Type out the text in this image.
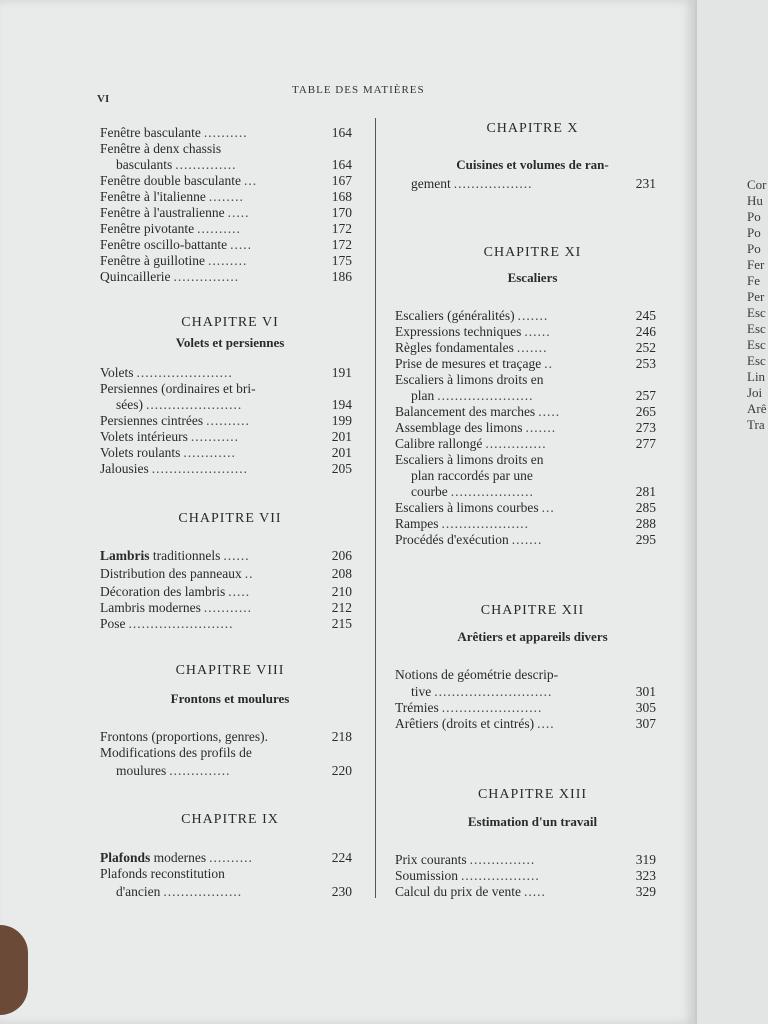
VI
TABLE DES MATIÈRES
Fenêtre basculante ..........	164
Fenêtre à denx chassis
basculants ..............	164
Fenêtre double basculante ...	167
Fenêtre à l'italienne ........	168
Fenêtre à l'australienne .....	170
Fenêtre pivotante ..........	172
Fenêtre oscillo-battante .....	172
Fenêtre à guillotine .........	175
Quincaillerie ...............	186
CHAPITRE VI
Volets et persiennes
Volets ......................	191
Persiennes (ordinaires et bri-
sées) ......................	194
Persiennes cintrées ..........	199
Volets intérieurs ...........	201
Volets roulants ............	201
Jalousies ......................	205
CHAPITRE VII
Lambris traditionnels ......	206
Distribution des panneaux ..	208
Décoration des lambris .....	210
Lambris modernes ...........	212
Pose ........................	215
CHAPITRE VIII
Frontons et moulures
Frontons (proportions, genres).	218
Modifications des profils de
moulures ..............	220
CHAPITRE IX
Plafonds modernes ..........	224
Plafonds reconstitution
d'ancien ..................	230
CHAPITRE X
Cuisines et volumes de ran-
gement ..................	231
CHAPITRE XI
Escaliers
Escaliers (généralités) .......	245
Expressions techniques ......	246
Règles fondamentales .......	252
Prise de mesures et traçage ..	253
Escaliers à limons droits en
plan ......................	257
Balancement des marches .....	265
Assemblage des limons .......	273
Calibre rallongé ..............	277
Escaliers à limons droits en
plan raccordés par une
courbe ...................	281
Escaliers à limons courbes ...	285
Rampes ....................	288
Procédés d'exécution .......	295
CHAPITRE XII
Arêtiers et appareils divers
Notions de géométrie descrip-
tive ...........................	301
Trémies .......................	305
Arêtiers (droits et cintrés) ....	307
CHAPITRE XIII
Estimation d'un travail
Prix courants ...............	319
Soumission ..................	323
Calcul du prix de vente .....	329
Cor
Hu
Po
Po
Po
Fer
Fe
Per
Esc
Esc
Esc
Esc
Lin
Joi
Arê
Tra
